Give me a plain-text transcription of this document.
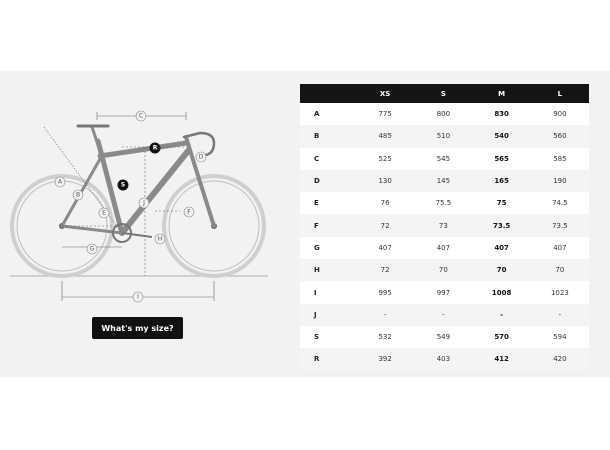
A
B
C
D
E	F
G
H
I
J
R
S
What's my size?
	XS	S	M	L
A	775	800	830	900
B	485	510	540	560
C	525	545	565	585
D	130	145	165	190
E	76	75.5	75	74.5
F	72	73	73.5	73.5
G	407	407	407	407
H	72	70	70	70
I	995	997	1008	1023
J	-	-	-	-
S	532	549	570	594
R	392	403	412	420
